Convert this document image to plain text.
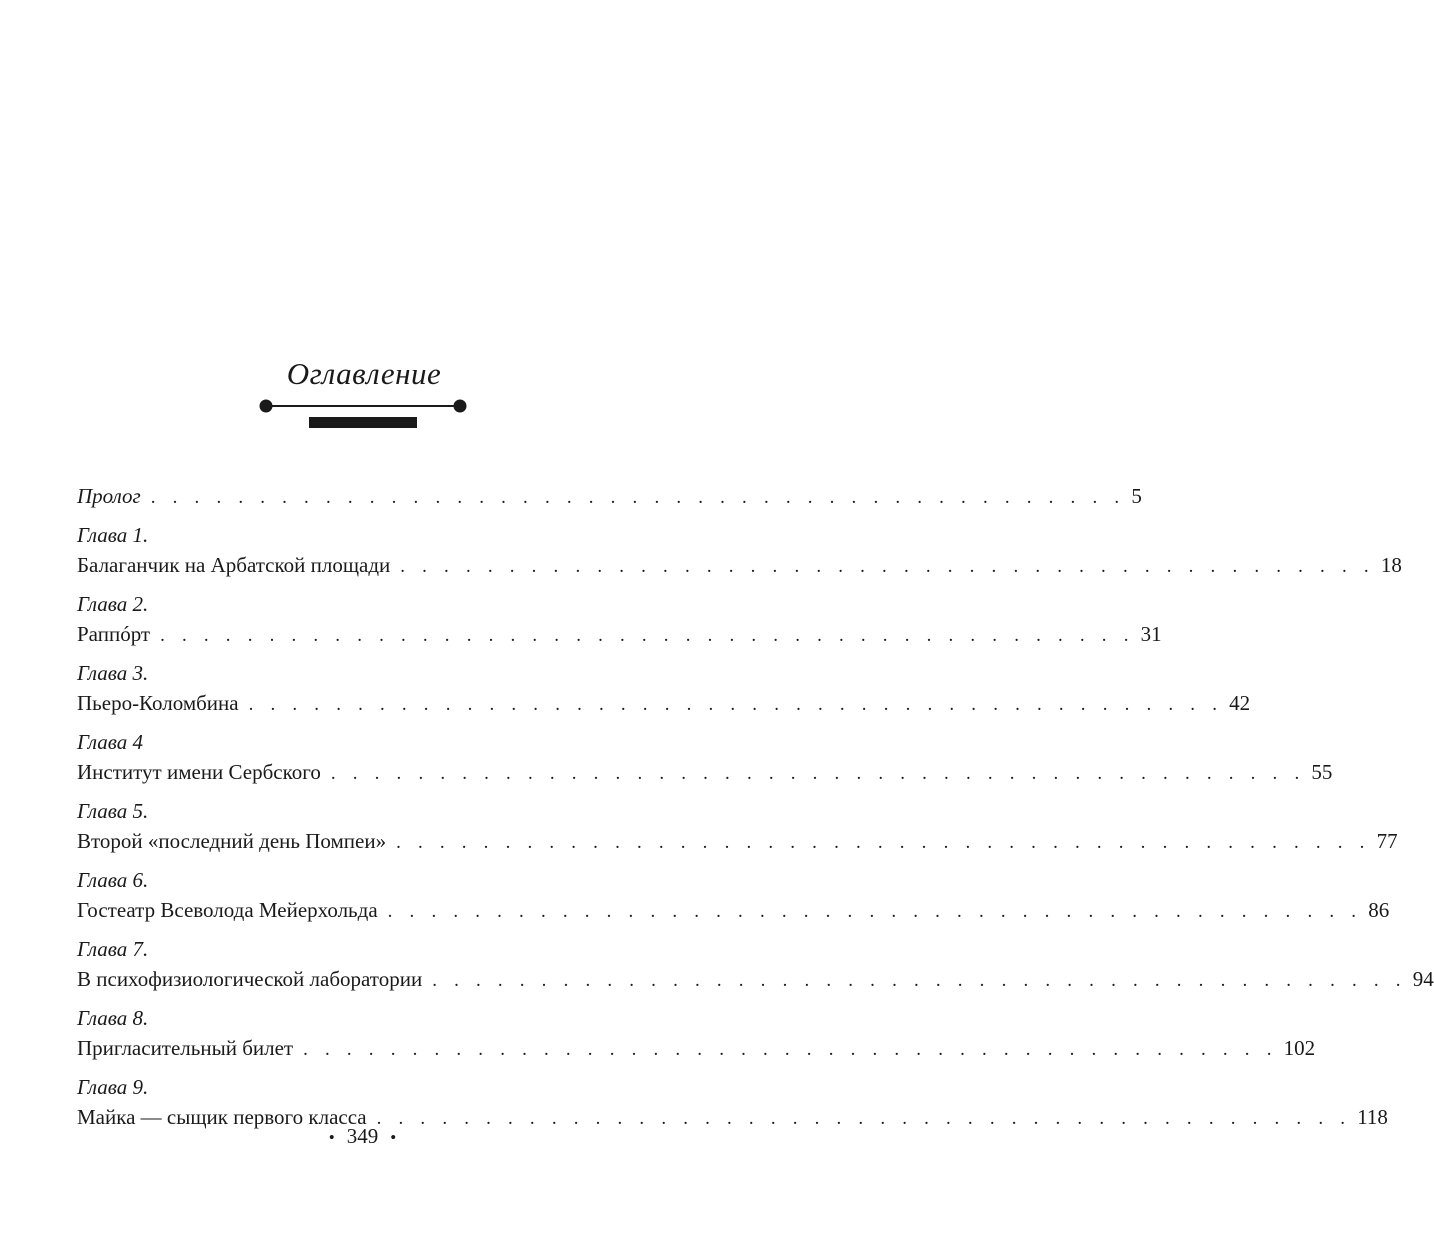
Оглавление
Пролог . . . . . . . . . . . . . . . . . . . . . . . . . . . . . . . . . . . . . . . . . . . . . 5
Глава 1.
Балаганчик на Арбатской площади . . . . . . . . . . . . . . . . . . . . . . . . . . . . . . . . . . . . . . . . . . . . . 18
Глава 2.
Раппóрт . . . . . . . . . . . . . . . . . . . . . . . . . . . . . . . . . . . . . . . . . . . . . 31
Глава 3.
Пьеро-Коломбина . . . . . . . . . . . . . . . . . . . . . . . . . . . . . . . . . . . . . . . . . . . . . 42
Глава 4
Институт имени Сербского . . . . . . . . . . . . . . . . . . . . . . . . . . . . . . . . . . . . . . . . . . . . . 55
Глава 5.
Второй «последний день Помпеи» . . . . . . . . . . . . . . . . . . . . . . . . . . . . . . . . . . . . . . . . . . . . . 77
Глава 6.
Гостеатр Всеволода Мейерхольда . . . . . . . . . . . . . . . . . . . . . . . . . . . . . . . . . . . . . . . . . . . . . 86
Глава 7.
В психофизиологической лаборатории . . . . . . . . . . . . . . . . . . . . . . . . . . . . . . . . . . . . . . . . . . . . . 94
Глава 8.
Пригласительный билет . . . . . . . . . . . . . . . . . . . . . . . . . . . . . . . . . . . . . . . . . . . . . 102
Глава 9.
Майка — сыщик первого класса . . . . . . . . . . . . . . . . . . . . . . . . . . . . . . . . . . . . . . . . . . . . . 118
• 349 •
